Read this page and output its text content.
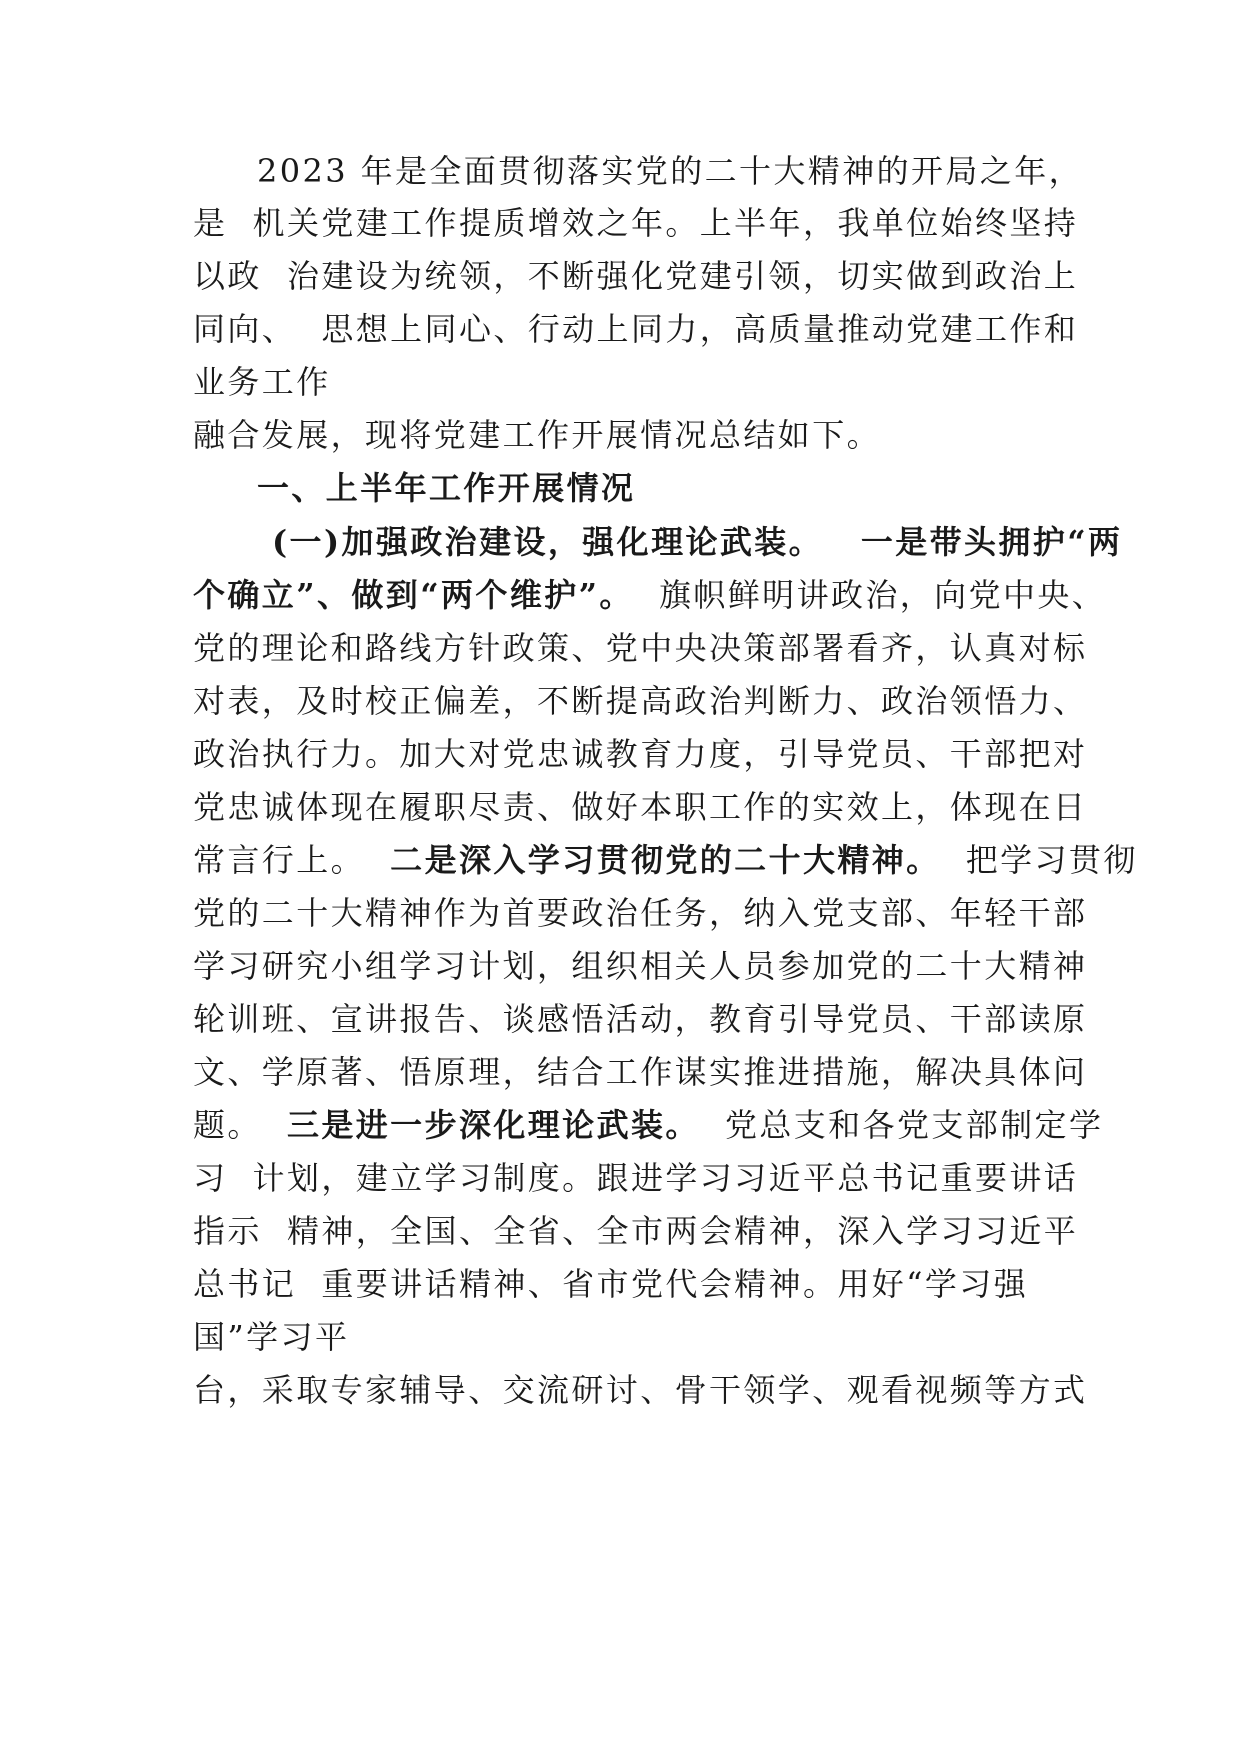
2023 年是全面贯彻落实党的二十大精神的开局之年，
是  机关党建工作提质增效之年。上半年，我单位始终坚持
以政  治建设为统领，不断强化党建引领，切实做到政治上
同向、  思想上同心、行动上同力，高质量推动党建工作和
业务工作
融合发展，现将党建工作开展情况总结如下。
一、上半年工作开展情况
(一)加强政治建设，强化理论武装。 一是带头拥护“两
个确立”、做到“两个维护”。 旗帜鲜明讲政治，向党中央、
党的理论和路线方针政策、党中央决策部署看齐，认真对标
对表，及时校正偏差，不断提高政治判断力、政治领悟力、
政治执行力。加大对党忠诚教育力度，引导党员、干部把对
党忠诚体现在履职尽责、做好本职工作的实效上，体现在日
常言行上。 二是深入学习贯彻党的二十大精神。 把学习贯彻
党的二十大精神作为首要政治任务，纳入党支部、年轻干部
学习研究小组学习计划，组织相关人员参加党的二十大精神
轮训班、宣讲报告、谈感悟活动，教育引导党员、干部读原
文、学原著、悟原理，结合工作谋实推进措施，解决具体问
题。 三是进一步深化理论武装。 党总支和各党支部制定学
习  计划，建立学习制度。跟进学习习近平总书记重要讲话
指示  精神，全国、全省、全市两会精神，深入学习习近平
总书记  重要讲话精神、省市党代会精神。用好“学习强
国”学习平
台，采取专家辅导、交流研讨、骨干领学、观看视频等方式
